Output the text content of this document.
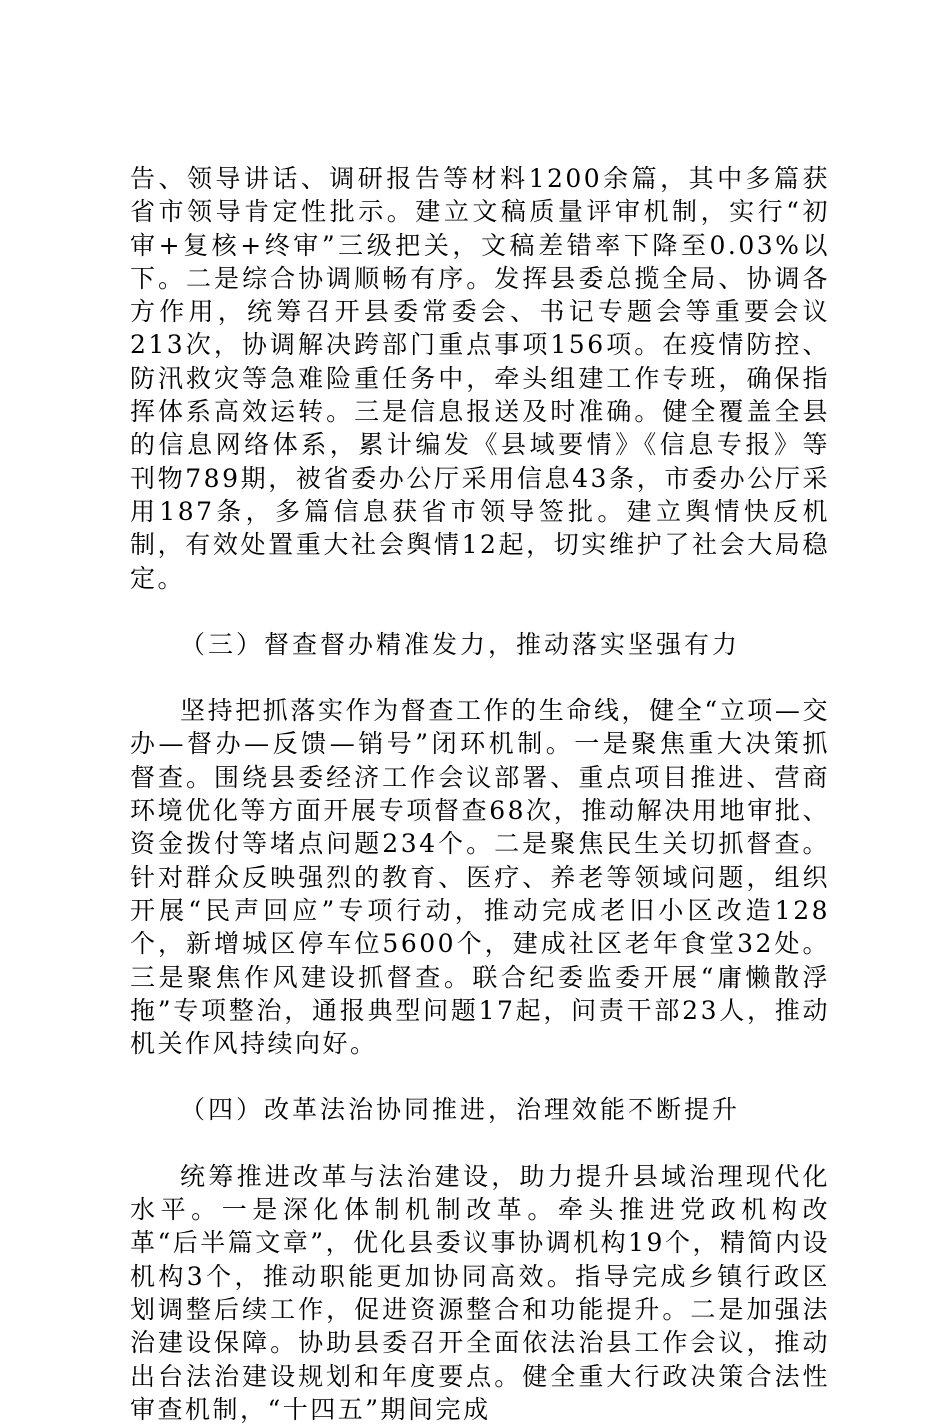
告、领导讲话、调研报告等材料1200余篇，其中多篇获省市领导肯定性批示。建立文稿质量评审机制，实行“初审+复核+终审”三级把关，文稿差错率下降至0.03%以下。二是综合协调顺畅有序。发挥县委总揽全局、协调各方作用，统筹召开县委常委会、书记专题会等重要会议213次，协调解决跨部门重点事项156项。在疫情防控、防汛救灾等急难险重任务中，牵头组建工作专班，确保指挥体系高效运转。三是信息报送及时准确。健全覆盖全县的信息网络体系，累计编发《县域要情》《信息专报》等刊物789期，被省委办公厅采用信息43条，市委办公厅采用187条，多篇信息获省市领导签批。建立舆情快反机制，有效处置重大社会舆情12起，切实维护了社会大局稳定。

（三）督查督办精准发力，推动落实坚强有力

坚持把抓落实作为督查工作的生命线，健全“立项—交办—督办—反馈—销号”闭环机制。一是聚焦重大决策抓督查。围绕县委经济工作会议部署、重点项目推进、营商环境优化等方面开展专项督查68次，推动解决用地审批、资金拨付等堵点问题234个。二是聚焦民生关切抓督查。针对群众反映强烈的教育、医疗、养老等领域问题，组织开展“民声回应”专项行动，推动完成老旧小区改造128个，新增城区停车位5600个，建成社区老年食堂32处。三是聚焦作风建设抓督查。联合纪委监委开展“庸懒散浮拖”专项整治，通报典型问题17起，问责干部23人，推动机关作风持续向好。

（四）改革法治协同推进，治理效能不断提升

统筹推进改革与法治建设，助力提升县域治理现代化水平。一是深化体制机制改革。牵头推进党政机构改革“后半篇文章”，优化县委议事协调机构19个，精简内设机构3个，推动职能更加协同高效。指导完成乡镇行政区划调整后续工作，促进资源整合和功能提升。二是加强法治建设保障。协助县委召开全面依法治县工作会议，推动出台法治建设规划和年度要点。健全重大行政决策合法性审查机制，“十四五”期间完成
